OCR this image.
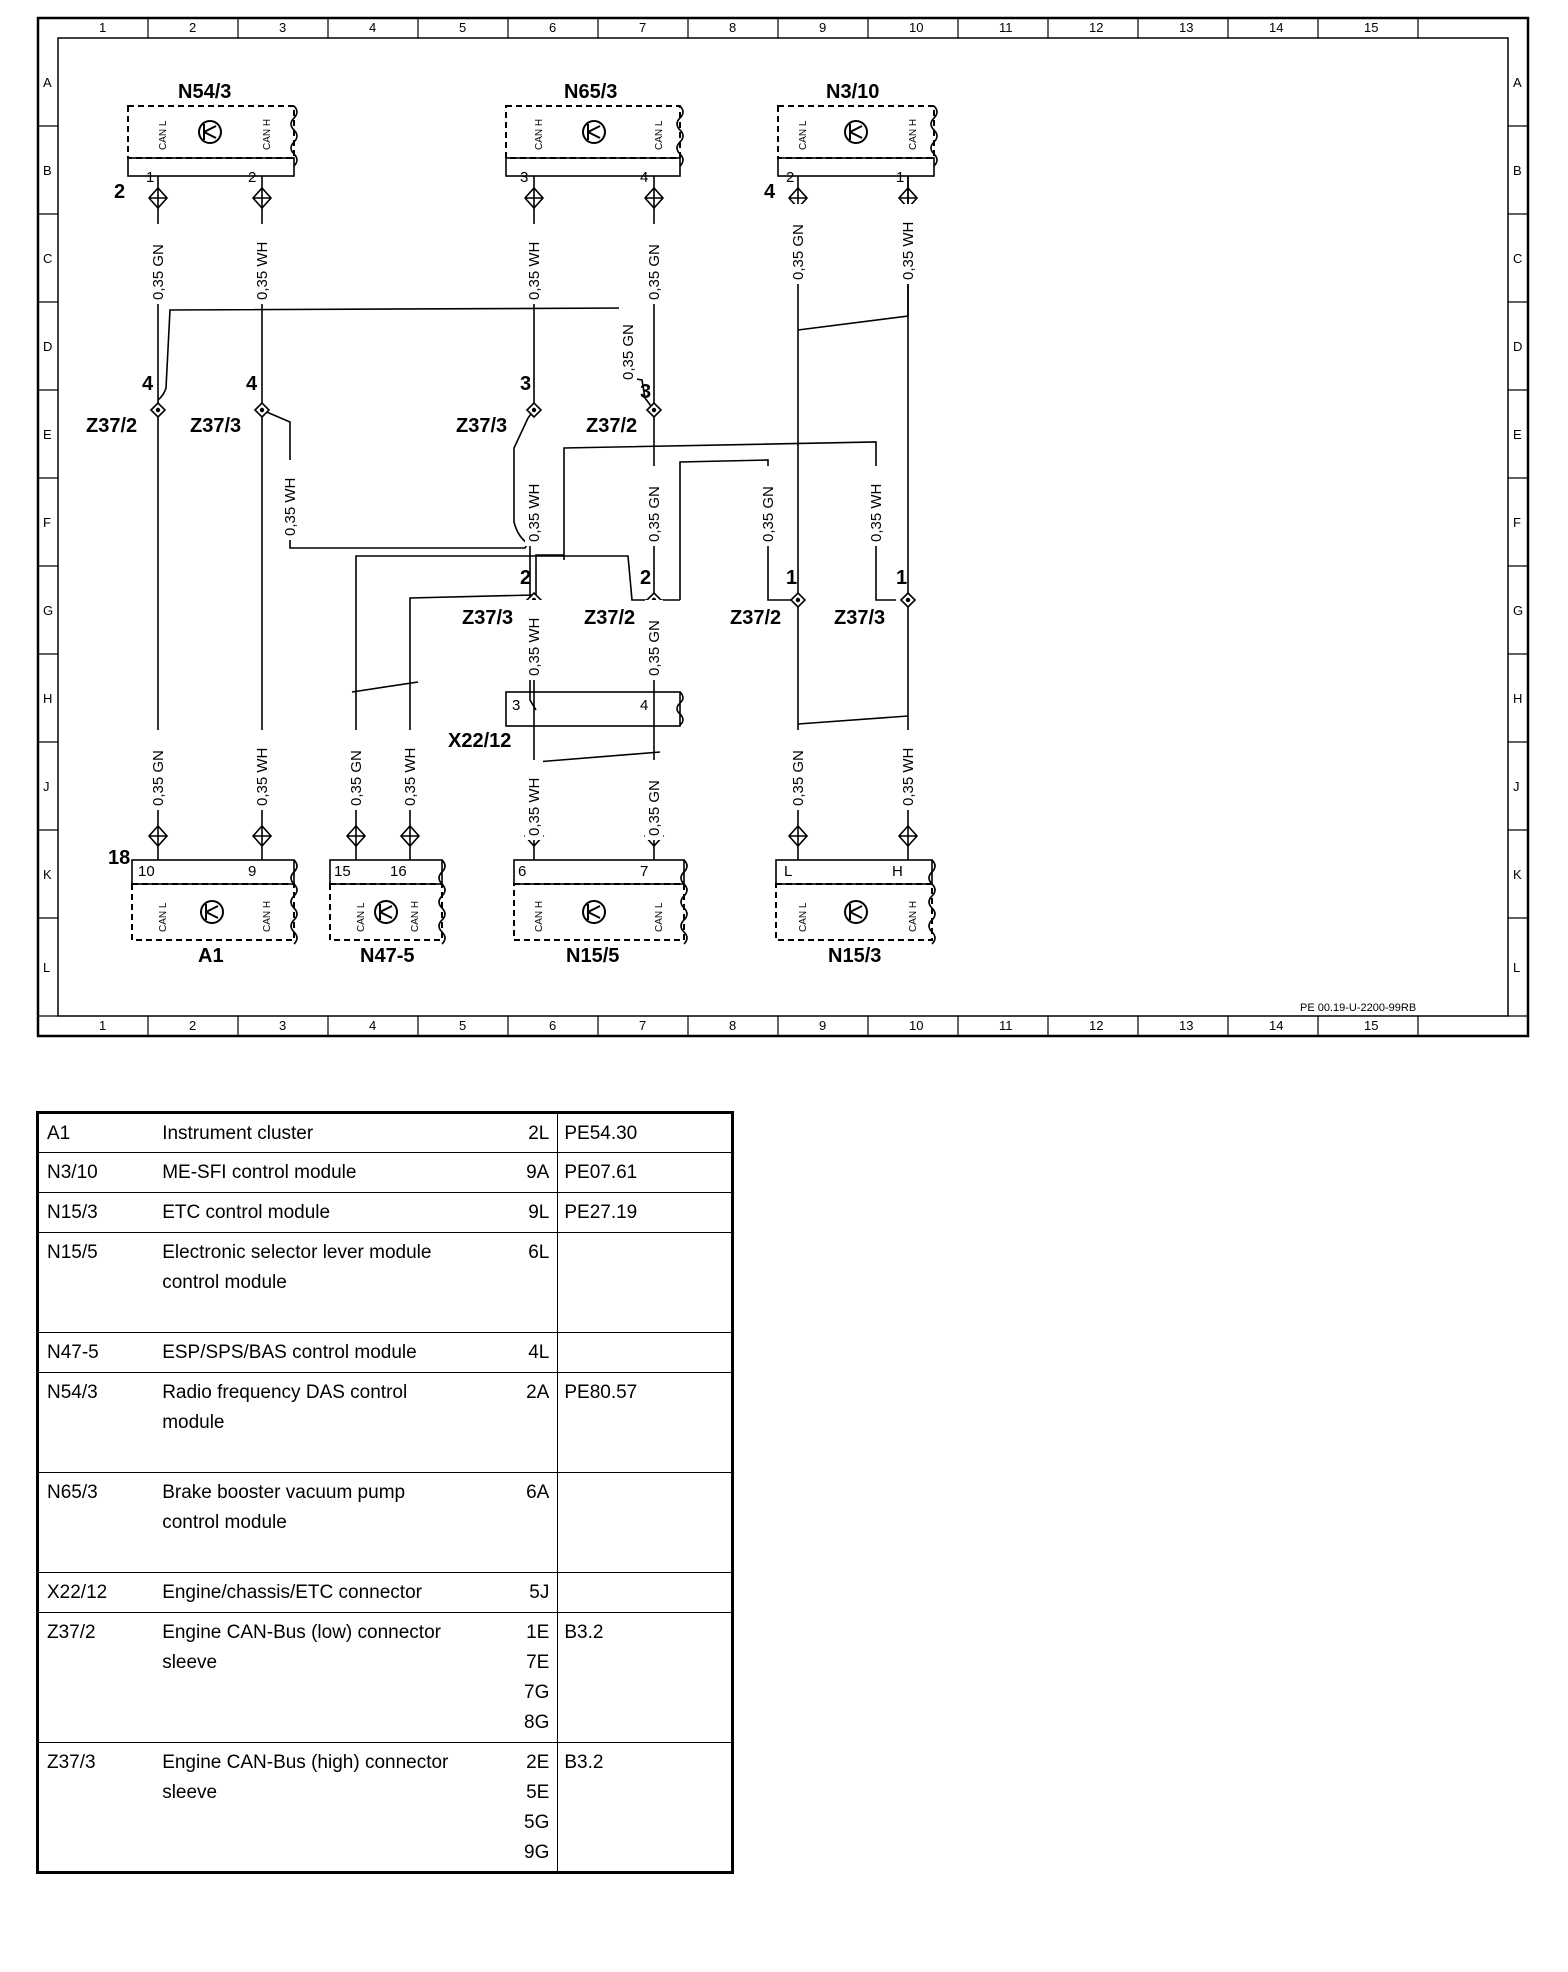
1	2	3	4	5	6	7	8	9	10	11	12	13	14	15
1	2	3	4	5	6	7	8	9	10	11	12	13	14	15
A
B
C
D
E
F
G
H
J
K
L
A
B
C
D
E
F
G
H
J
K
L
PE 00.19-U-2200-99RB
N54/3	N65/3	N3/10
A1	N47-5	N15/5	N15/3
X22/12
1	2
2
3	4	2	1
4
10	9
18
15	16	6	7	L	H
3	4
CAN L	CAN H	CAN H	CAN L	CAN L	CAN H
CAN L	CAN H	CAN L	CAN H	CAN H	CAN L	CAN L	CAN H
Z37/2
4
Z37/3
4
Z37/3
3
Z37/2
3
Z37/3
2
Z37/2
2
Z37/2
1
Z37/3
1
0,35 GN	0,35 WH	0,35 WH	0,35 GN	0,35 GN	0,35 WH
0,35 GN
0,35 WH	0,35 WH	0,35 GN	0,35 GN	0,35 WH
0,35 WH	0,35 GN
0,35 GN	0,35 WH	0,35 GN 0,35 WH
0,35 WH	0,35 GN
0,35 GN	0,35 WH
A1	Instrument cluster	2L	PE54.30
N3/10	ME-SFI control module	9A	PE07.61
N15/3	ETC control module	9L	PE27.19
N15/5	Electronic selector lever module
control module	6L	

N47-5	ESP/SPS/BAS control module	4L	

N54/3	Radio frequency DAS control
module	2A	PE80.57
N65/3	Brake booster vacuum pump
control module	6A	

X22/12	Engine/chassis/ETC connector	5J	

Z37/2	Engine CAN-Bus (low) connector
sleeve	1E
7E
7G
8G	B3.2
Z37/3	Engine CAN-Bus (high) connector
sleeve	2E
5E
5G
9G	B3.2
